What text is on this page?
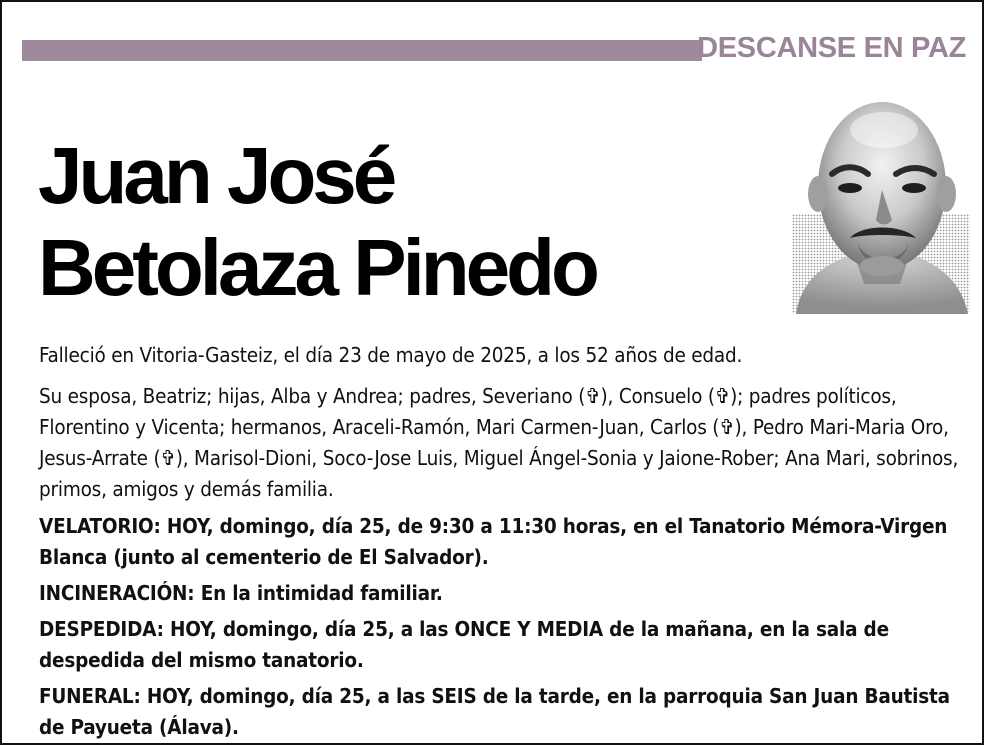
DESCANSE EN PAZ
Juan José
Betolaza Pinedo

Falleció en Vitoria-Gasteiz, el día 23 de mayo de 2025, a los 52 años de edad.

Su esposa, Beatriz; hijas, Alba y Andrea; padres, Severiano (✞), Consuelo (✞); padres políticos, Florentino y Vicenta; hermanos, Araceli-Ramón, Mari Carmen-Juan, Carlos (✞), Pedro Mari-Maria Oro, Jesus-Arrate (✞), Marisol-Dioni, Soco-Jose Luis, Miguel Ángel-Sonia y Jaione-Rober; Ana Mari, sobrinos, primos, amigos y demás familia.

VELATORIO: HOY, domingo, día 25, de 9:30 a 11:30 horas, en el Tanatorio Mémora-Virgen Blanca (junto al cementerio de El Salvador).

INCINERACIÓN: En la intimidad familiar.

DESPEDIDA: HOY, domingo, día 25, a las ONCE Y MEDIA de la mañana, en la sala de despedida del mismo tanatorio.

FUNERAL: HOY, domingo, día 25, a las SEIS de la tarde, en la parroquia San Juan Bautista de Payueta (Álava).
